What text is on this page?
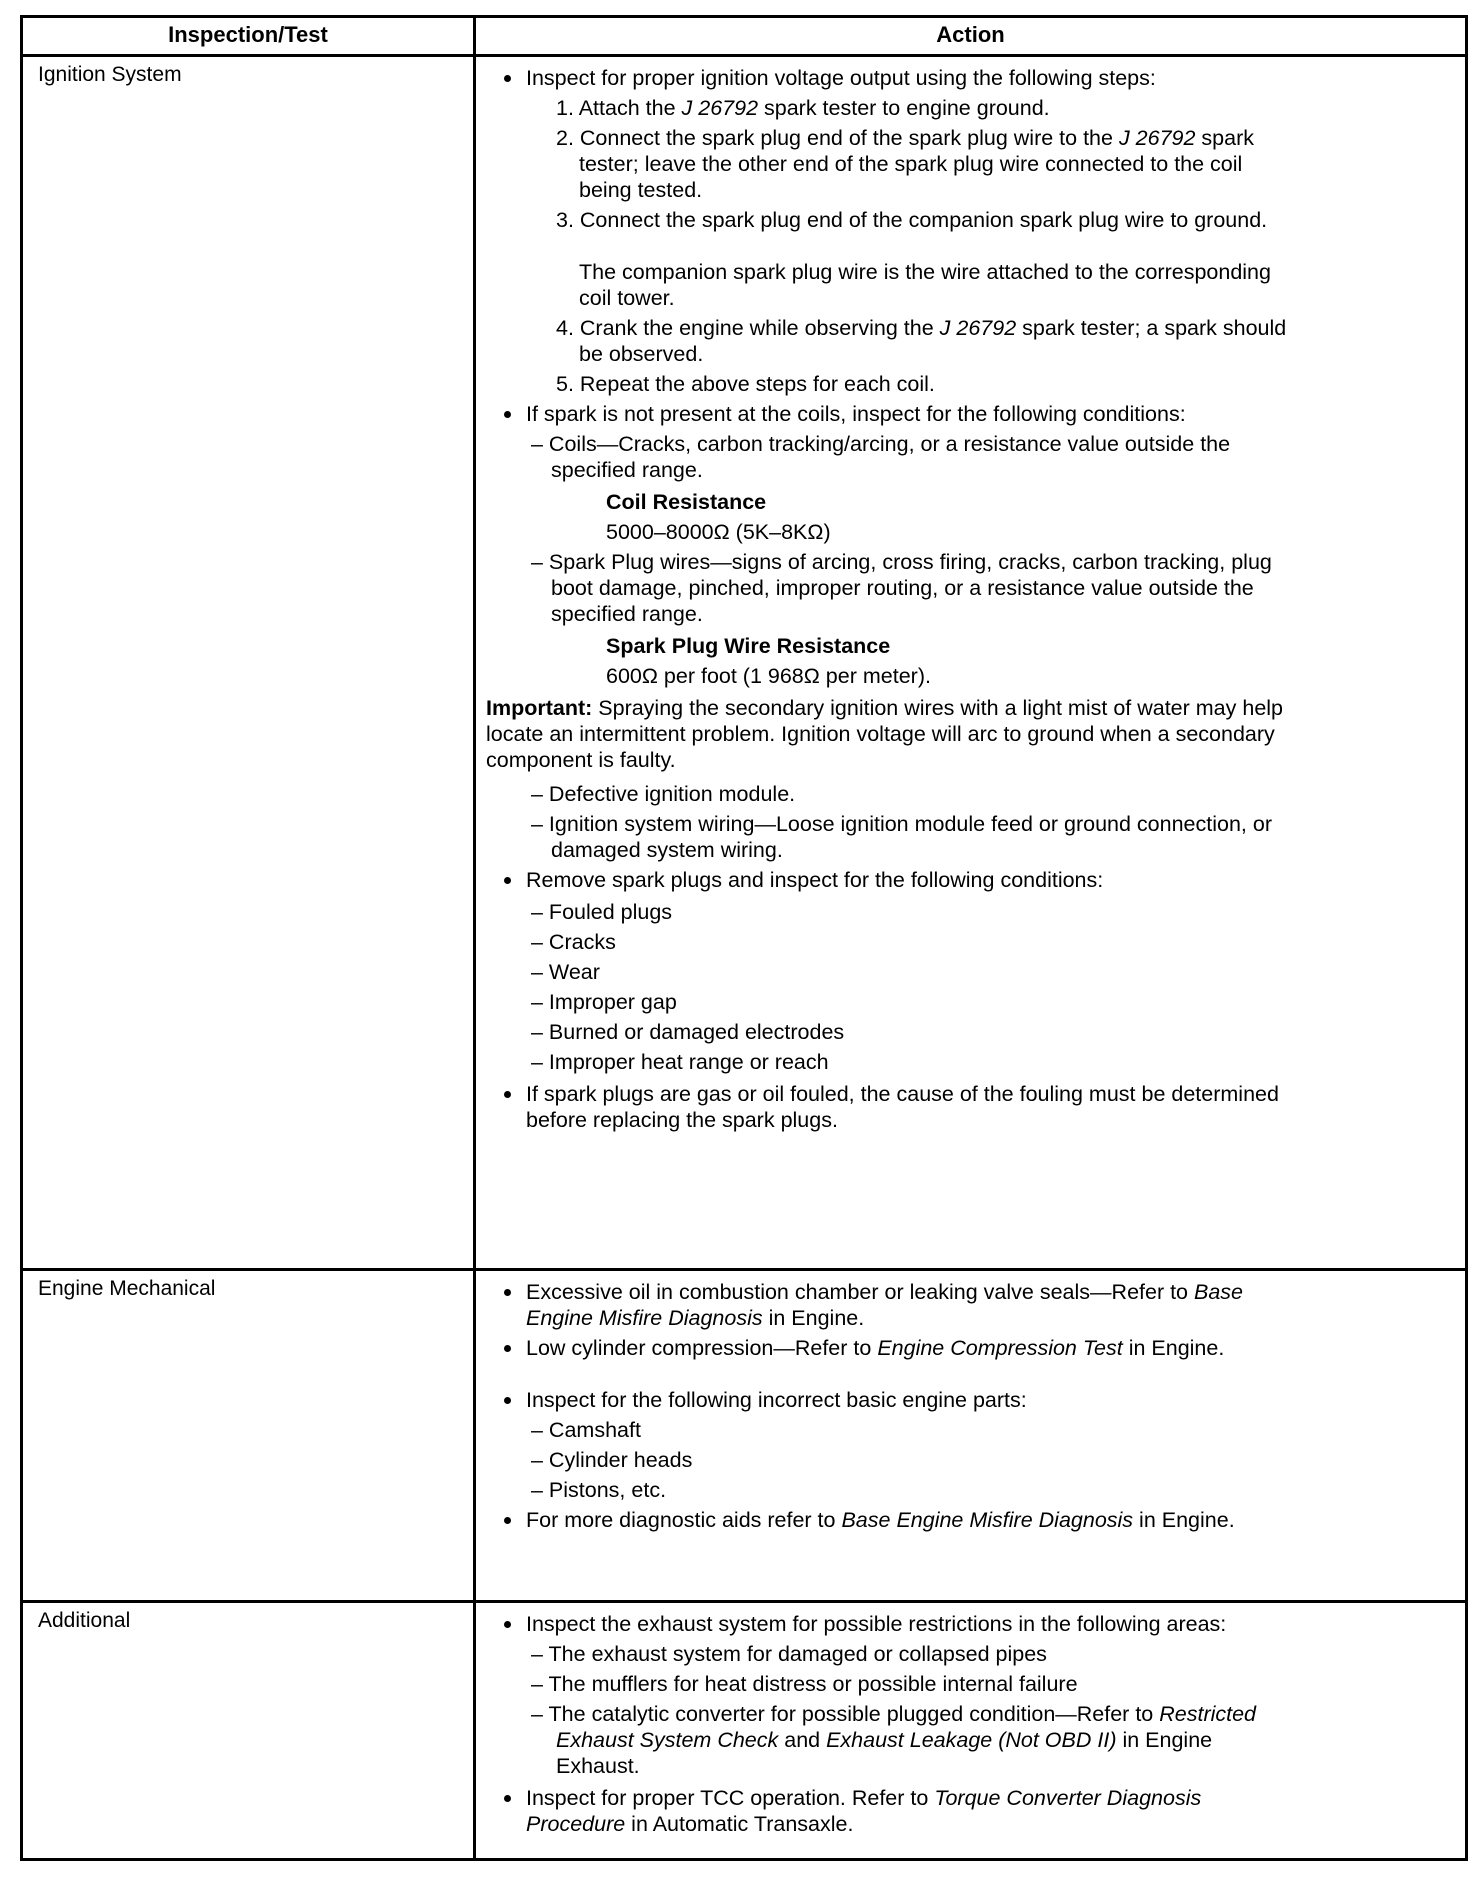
Inspection/Test	Action
Ignition System	Inspect for proper ignition voltage output using the following steps:
1. Attach the J 26792 spark tester to engine ground.
2. Connect the spark plug end of the spark plug wire to the J 26792 spark
tester; leave the other end of the spark plug wire connected to the coil
being tested.
3. Connect the spark plug end of the companion spark plug wire to ground.
The companion spark plug wire is the wire attached to the corresponding
coil tower.
4. Crank the engine while observing the J 26792 spark tester; a spark should
be observed.
5. Repeat the above steps for each coil.
If spark is not present at the coils, inspect for the following conditions:
– Coils—Cracks, carbon tracking/arcing, or a resistance value outside the
specified range.
Coil Resistance
5000–8000Ω (5K–8KΩ)
– Spark Plug wires—signs of arcing, cross firing, cracks, carbon tracking, plug
boot damage, pinched, improper routing, or a resistance value outside the
specified range.
Spark Plug Wire Resistance
600Ω per foot (1 968Ω per meter).
Important: Spraying the secondary ignition wires with a light mist of water may help
locate an intermittent problem. Ignition voltage will arc to ground when a secondary
component is faulty.
– Defective ignition module.
– Ignition system wiring—Loose ignition module feed or ground connection, or
damaged system wiring.
Remove spark plugs and inspect for the following conditions:
– Fouled plugs
– Cracks
– Wear
– Improper gap
– Burned or damaged electrodes
– Improper heat range or reach
If spark plugs are gas or oil fouled, the cause of the fouling must be determined
before replacing the spark plugs.
Engine Mechanical	Excessive oil in combustion chamber or leaking valve seals—Refer to Base
Engine Misfire Diagnosis in Engine.
Low cylinder compression—Refer to Engine Compression Test in Engine.
Inspect for the following incorrect basic engine parts:
– Camshaft
– Cylinder heads
– Pistons, etc.
For more diagnostic aids refer to Base Engine Misfire Diagnosis in Engine.
Additional	Inspect the exhaust system for possible restrictions in the following areas:
– The exhaust system for damaged or collapsed pipes
– The mufflers for heat distress or possible internal failure
– The catalytic converter for possible plugged condition—Refer to Restricted
Exhaust System Check and Exhaust Leakage (Not OBD II) in Engine
Exhaust.
Inspect for proper TCC operation. Refer to Torque Converter Diagnosis
Procedure in Automatic Transaxle.
